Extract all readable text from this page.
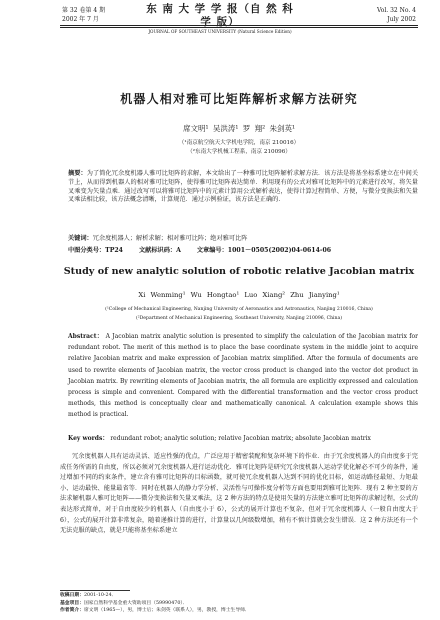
第 32 卷第 4 期
2002 年 7 月
东 南 大 学 学 报（自 然 科 学 版）
JOURNAL OF SOUTHEAST UNIVERSITY (Natural Science Edition)
Vol. 32 No. 4
July 2002
机器人相对雅可比矩阵解析求解方法研究
席文明¹ 吴洪涛¹ 罗 翔² 朱剑英¹
（¹南京航空航天大学机电学院，南京 210016）
（²东南大学机械工程系，南京 210096）
摘要：为了简化冗余度机器人雅可比矩阵的求解，本文给出了一种雅可比矩阵解析求解方法．该方法是将基坐标系建立在中间关节上，从而得到机器人的相对雅可比矩阵，使得雅可比矩阵表达简单．利用现有的公式对雅可比矩阵中的元素进行改写，将矢量叉乘变为矢量点乘．通过改写可以将雅可比矩阵中的元素计算用公式解析表达，使得计算过程简单、方便，与微分变换法和矢量叉乘法相比较，该方法概念清晰，计算规范．通过示例验证，该方法是正确的．
关键词：冗余度机器人；解析求解；相对雅可比阵；绝对雅可比阵
中图分类号：TP24	文献标识码：A	文章编号：1001－0505(2002)04-0614-06
Study of new analytic solution of robotic relative Jacobian matrix
Xi Wenming¹ Wu Hongtao¹ Luo Xiang² Zhu Jianying¹
(¹College of Mechanical Engineering, Nanjing University of Aeronautics and Astronautics, Nanjing 210016, China)
(²Department of Mechanical Engineering, Southeast University, Nanjing 210096, China)
Abstract： A Jacobian matrix analytic solution is presented to simplify the calculation of the Jacobian matrix for redundant robot. The merit of this method is to place the base coordinate system in the middle joint to acquire relative Jacobian matrix and make expression of Jacobian matrix simplified. After the formula of documents are used to rewrite elements of Jacobian matrix, the vector cross product is changed into the vector dot product in Jacobian matrix. By rewriting elements of Jacobian matrix, the all formula are explicitly expressed and calculation process is simple and convenient. Compared with the differential transformation and the vector cross product methods, this method is conceptually clear and mathematically canonical. A calculation example shows this method is practical.
Key words： redundant robot; analytic solution; relative Jacobian matrix; absolute Jacobian matrix
冗余度机器人具有运动灵活、适应性强的优点，广泛应用于精密装配和复杂环境下的作业．由于冗余度机器人的自由度多于完成任务所需的自由度，所以必须对冗余度机器人进行运动优化．雅可比矩阵是研究冗余度机器人运动学优化解必不可少的条件，通过增加不同的约束条件，建立含有雅可比矩阵的目标函数，就可使冗余度机器人达到不同的优化目标，如运动路径最短、力矩最小、运动最快、能量最省等．同时在机器人的静力学分析、灵活性与可操作度分析等方面也要用到雅可比矩阵．现有 2 种主要的方法求解机器人雅可比矩阵——微分变换法和矢量叉乘法，这 2 种方法的特点是使用矢量的方法建立雅可比矩阵的求解过程，公式的表达形式简单，对于自由度较少的机器人（自由度小于 6），公式的展开计算也不复杂，但对于冗余度机器人（一般自由度大于 6），公式的展开计算非常复杂，随着递推计算的进行，计算量以几何级数增加，稍有不慎计算就会发生错误．这 2 种方法还有一个无法克服的缺点，就是只能将基坐标系建立
收稿日期：2001-10-24．
基金项目：国家自然科学基金重大资助项目（59990470）．
作者简介：席文明（1965—），男，博士后；朱剑英（联系人），男，教授，博士生导师．
